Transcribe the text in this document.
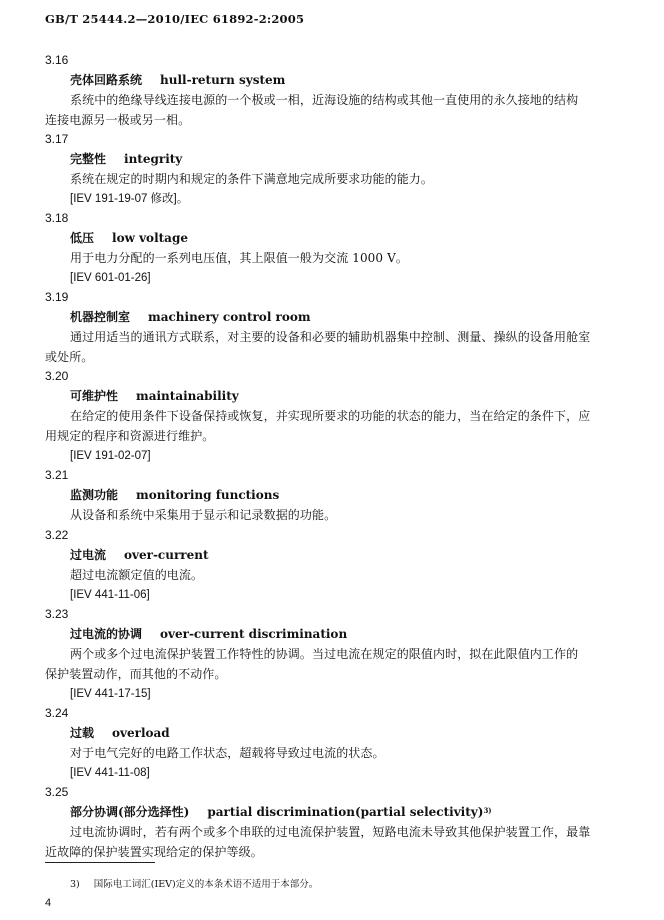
GB/T 25444.2—2010/IEC 61892-2:2005
3.16
壳体回路系统 hull-return system
系统中的绝缘导线连接电源的一个极或一相，近海设施的结构或其他一直使用的永久接地的结构
连接电源另一极或另一相。
3.17
完整性 integrity
系统在规定的时期内和规定的条件下满意地完成所要求功能的能力。
[IEV 191-19-07 修改]。
3.18
低压 low voltage
用于电力分配的一系列电压值，其上限值一般为交流 1000 V。
[IEV 601-01-26]
3.19
机器控制室 machinery control room
通过用适当的通讯方式联系，对主要的设备和必要的辅助机器集中控制、测量、操纵的设备用舱室
或处所。
3.20
可维护性 maintainability
在给定的使用条件下设备保持或恢复，并实现所要求的功能的状态的能力，当在给定的条件下，应
用规定的程序和资源进行维护。
[IEV 191-02-07]
3.21
监测功能 monitoring functions
从设备和系统中采集用于显示和记录数据的功能。
3.22
过电流 over-current
超过电流额定值的电流。
[IEV 441-11-06]
3.23
过电流的协调 over-current discrimination
两个或多个过电流保护装置工作特性的协调。当过电流在规定的限值内时，拟在此限值内工作的
保护装置动作，而其他的不动作。
[IEV 441-17-15]
3.24
过载 overload
对于电气完好的电路工作状态，超载将导致过电流的状态。
[IEV 441-11-08]
3.25
部分协调(部分选择性) partial discrimination(partial selectivity)$^{3)}$
过电流协调时，若有两个或多个串联的过电流保护装置，短路电流未导致其他保护装置工作，最靠
近故障的保护装置实现给定的保护等级。
3) 国际电工词汇(IEV)定义的本条术语不适用于本部分。
4
